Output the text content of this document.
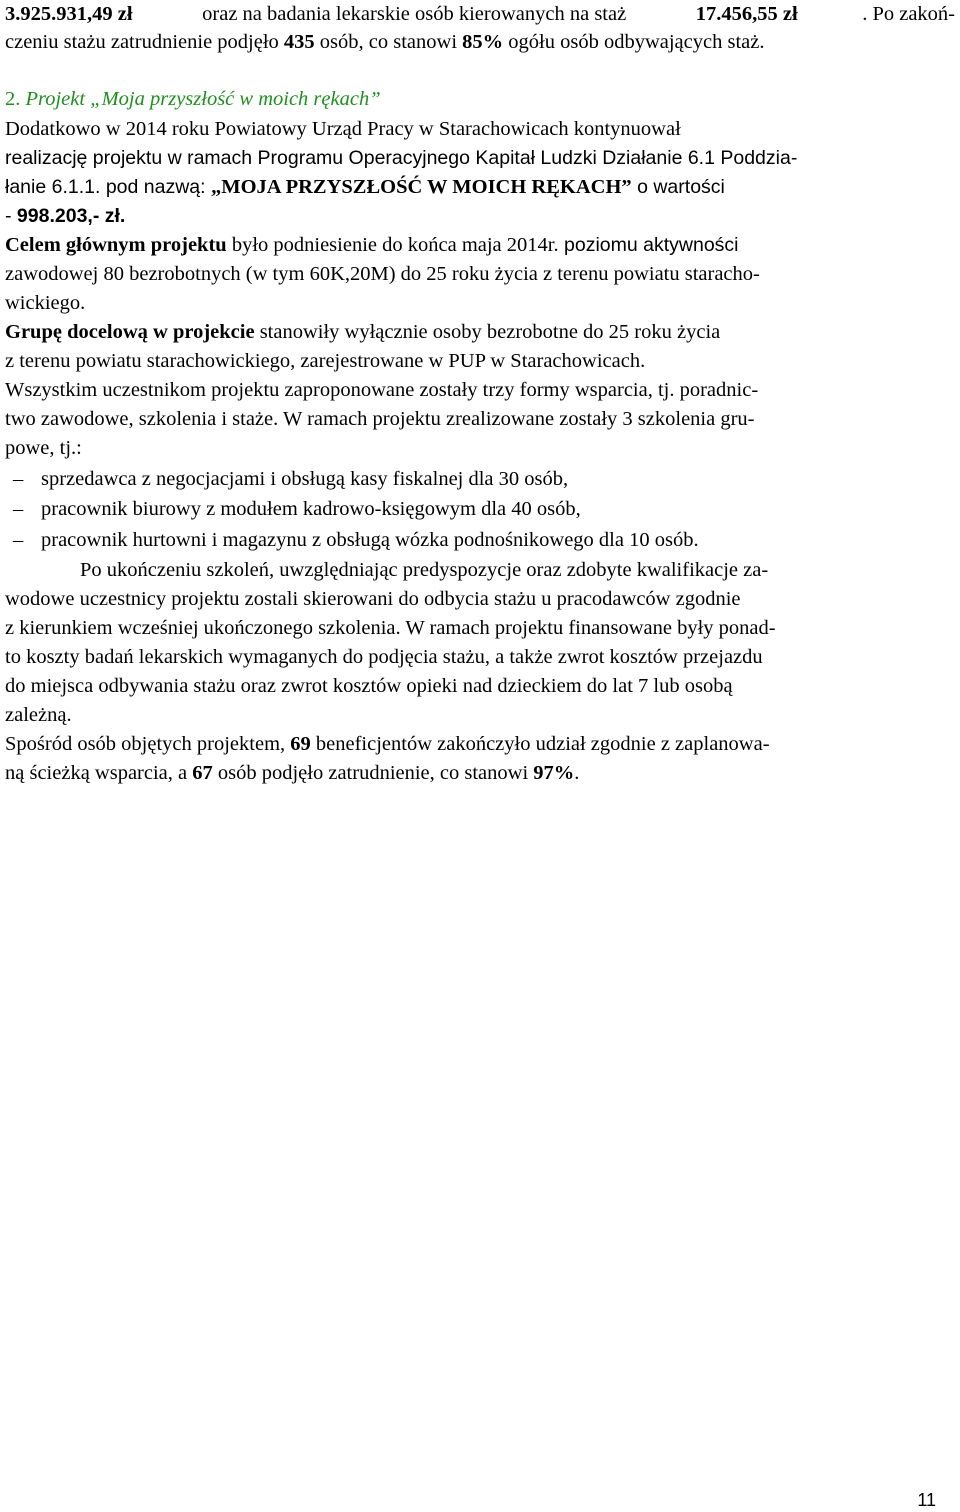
3.925.931,49 zł	oraz na badania lekarskie osób kierowanych na staż	17.456,55 zł	. Po zakoń-
czeniu stażu zatrudnienie podjęło 435 osób, co stanowi 85% ogółu osób odbywających staż.
2. Projekt „Moja przyszłość w moich rękach”
Dodatkowo w 2014 roku Powiatowy Urząd Pracy w Starachowicach kontynuował
realizację projektu w ramach Programu Operacyjnego Kapitał Ludzki Działanie 6.1 Poddzia-
łanie 6.1.1. pod nazwą: „MOJA PRZYSZŁOŚĆ W MOICH RĘKACH” o wartości
- 998.203,- zł.
Celem głównym projektu było podniesienie do końca maja 2014r. poziomu aktywności
zawodowej 80 bezrobotnych (w tym 60K,20M) do 25 roku życia z terenu powiatu staracho-
wickiego.
Grupę docelową w projekcie stanowiły wyłącznie osoby bezrobotne do 25 roku życia
z terenu powiatu starachowickiego, zarejestrowane w PUP w Starachowicach.
Wszystkim uczestnikom projektu zaproponowane zostały trzy formy wsparcia, tj. poradnic-
two zawodowe, szkolenia i staże. W ramach projektu zrealizowane zostały 3 szkolenia gru-
powe, tj.:
– sprzedawca z negocjacjami i obsługą kasy fiskalnej dla 30 osób,
– pracownik biurowy z modułem kadrowo-księgowym dla 40 osób,
– pracownik hurtowni i magazynu z obsługą wózka podnośnikowego dla 10 osób.
Po ukończeniu szkoleń, uwzględniając predyspozycje oraz zdobyte kwalifikacje za-
wodowe uczestnicy projektu zostali skierowani do odbycia stażu u pracodawców zgodnie
z kierunkiem wcześniej ukończonego szkolenia. W ramach projektu finansowane były ponad-
to koszty badań lekarskich wymaganych do podjęcia stażu, a także zwrot kosztów przejazdu
do miejsca odbywania stażu oraz zwrot kosztów opieki nad dzieckiem do lat 7 lub osobą
zależną.
Spośród osób objętych projektem, 69 beneficjentów zakończyło udział zgodnie z zaplanowa-
ną ścieżką wsparcia, a 67 osób podjęło zatrudnienie, co stanowi 97%.
11
